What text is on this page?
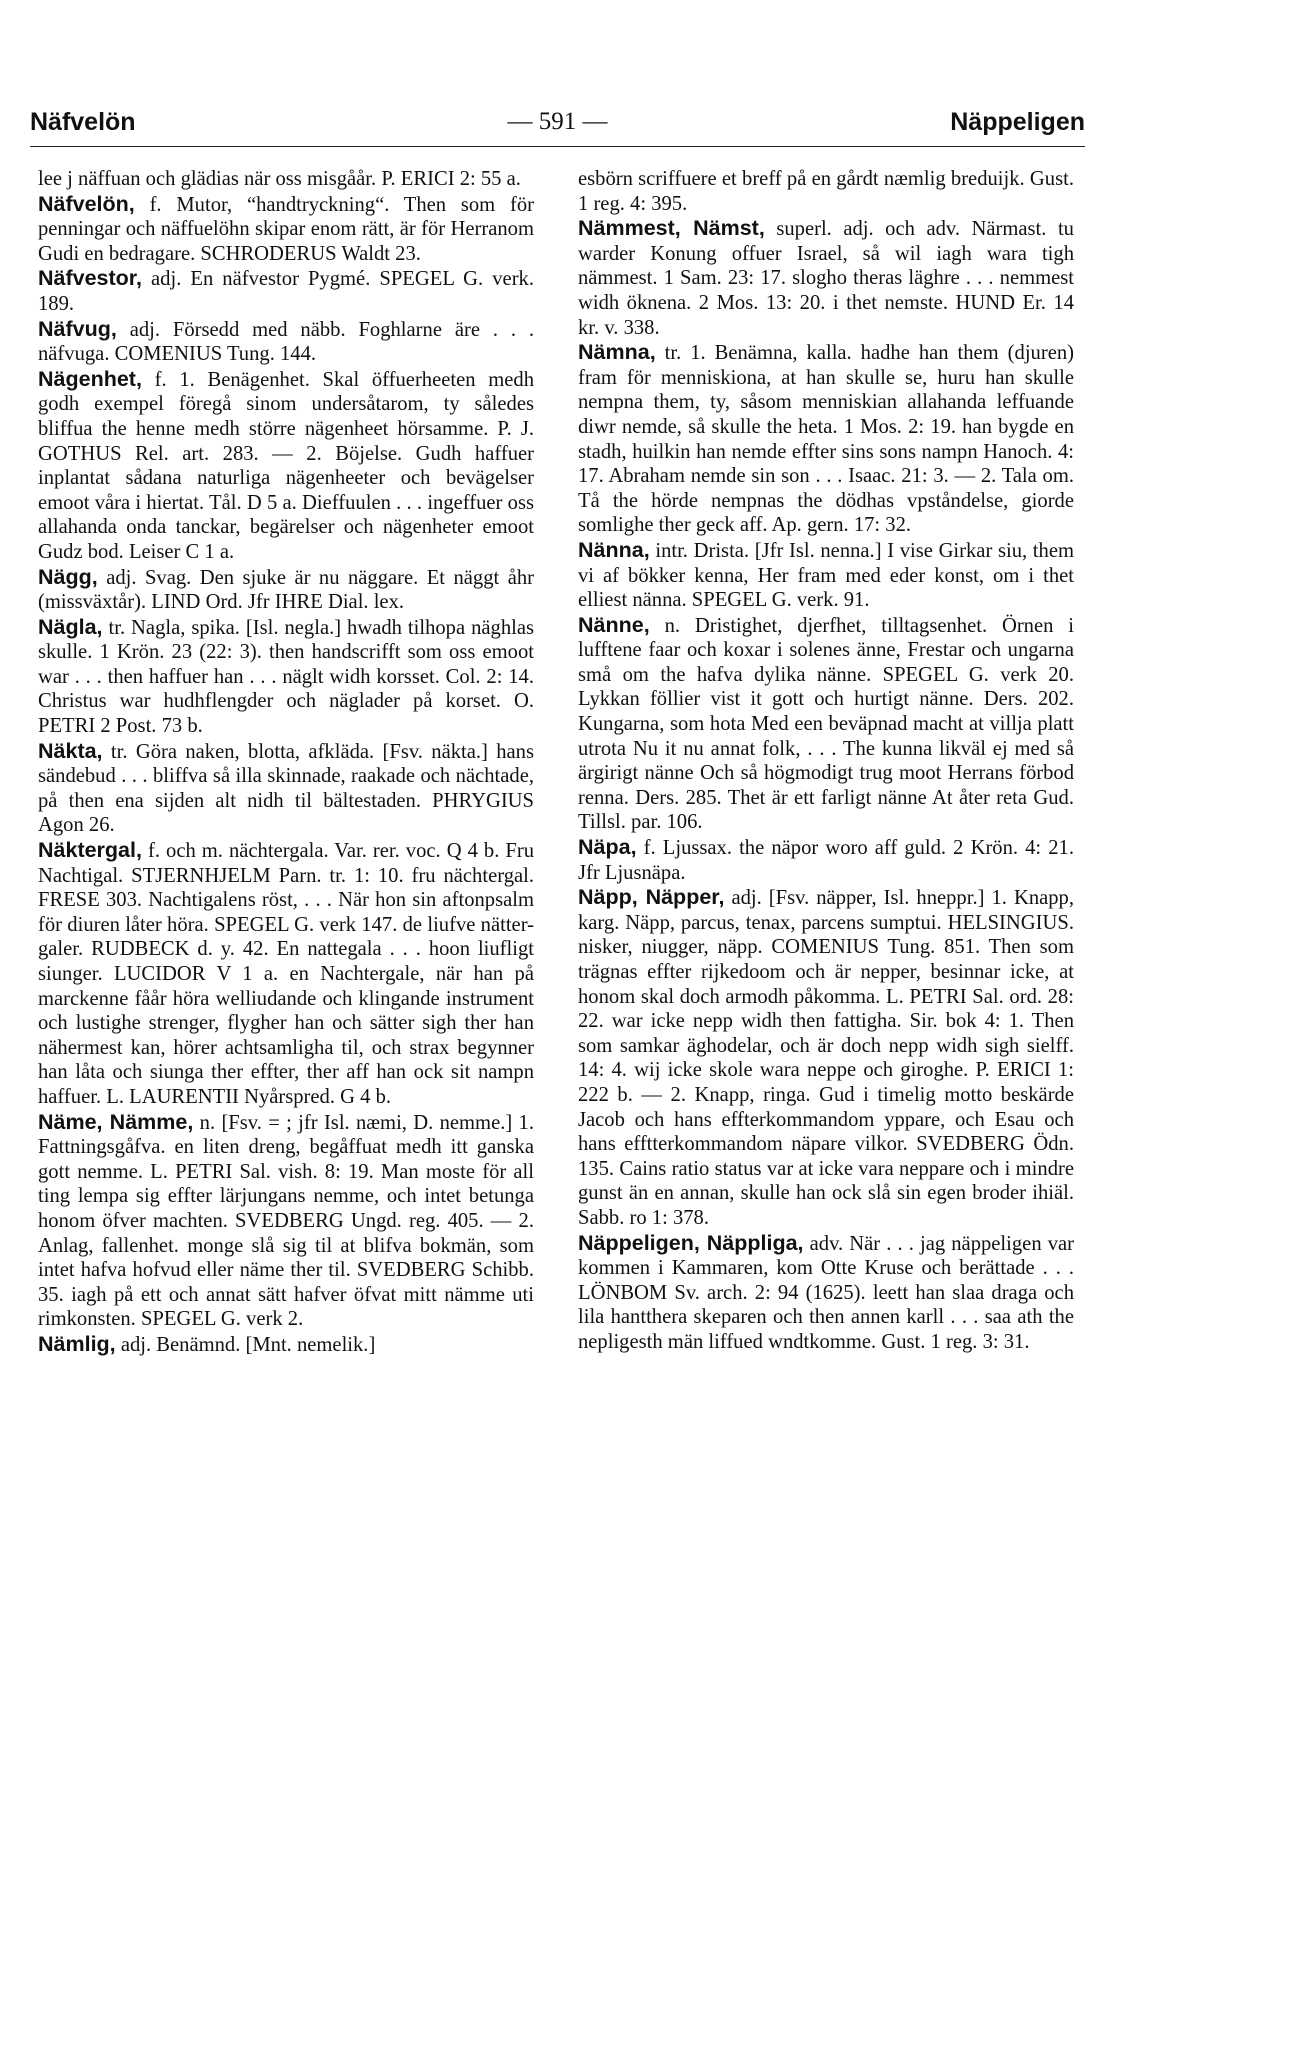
Näfvelön	— 591 —	Näppeligen

lee j näffuan och glädias när oss misgåår. P. ERICI 2: 55 a.

Näfvelön, f. Mutor, “handtryckning“. Then som för penningar och näffuelöhn skipar enom rätt, är för Herranom Gudi en bedragare. SCHRODERUS Waldt 23.

Näfvestor, adj. En näfvestor Pygmé. SPEGEL G. verk. 189.

Näfvug, adj. Försedd med näbb. Foghlarne äre . . . näfvuga. COMENIUS Tung. 144.

Nägenhet, f. 1. Benägenhet. Skal öffuerheeten medh godh exempel föregå sinom undersåtarom, ty således bliffua the henne medh större nägenheet hörsamme. P. J. GOTHUS Rel. art. 283. — 2. Böjelse. Gudh haffuer inplantat sådana naturliga nägenheeter och bevägelser emoot våra i hiertat. Tål. D 5 a. Dieffuulen . . . ingeffuer oss allahanda onda tanckar, begärelser och nägenheter emoot Gudz bod. Leiser C 1 a.

Nägg, adj. Svag. Den sjuke är nu näggare. Et näggt åhr (missväxtår). LIND Ord. Jfr IHRE Dial. lex.

Nägla, tr. Nagla, spika. [Isl. negla.] hwadh tilhopa näghlas skulle. 1 Krön. 23 (22: 3). then handscrifft som oss emoot war . . . then haffuer han . . . näglt widh korsset. Col. 2: 14. Christus war hudhflengder och näglader på korset. O. PETRI 2 Post. 73 b.

Näkta, tr. Göra naken, blotta, afkläda. [Fsv. näkta.] hans sändebud . . . bliffva så illa skinnade, raakade och nächtade, på then ena sijden alt nidh til bältestaden. PHRYGIUS Agon 26.

Näktergal, f. och m. nächtergala. Var. rer. voc. Q 4 b. Fru Nachtigal. STJERNHJELM Parn. tr. 1: 10. fru nächtergal. FRESE 303. Nachtigalens röst, . . . När hon sin aftonpsalm för diuren låter höra. SPEGEL G. verk 147. de liufve nätter-galer. RUDBECK d. y. 42. En nattegala . . . hoon liufligt siunger. LUCIDOR V 1 a. en Nachtergale, när han på marckenne fåår höra welliudande och klingande instrument och lustighe strenger, flygher han och sätter sigh ther han nähermest kan, hörer achtsamligha til, och strax begynner han låta och siunga ther effter, ther aff han ock sit nampn haffuer. L. LAURENTII Nyårspred. G 4 b.

Näme, Nämme, n. [Fsv. = ; jfr Isl. næmi, D. nemme.] 1. Fattningsgåfva. en liten dreng, begåffuat medh itt ganska gott nemme. L. PETRI Sal. vish. 8: 19. Man moste för all ting lempa sig effter lärjungans nemme, och intet betunga honom öfver machten. SVEDBERG Ungd. reg. 405. — 2. Anlag, fallenhet. monge slå sig til at blifva bokmän, som intet hafva hofvud eller näme ther til. SVEDBERG Schibb. 35. iagh på ett och annat sätt hafver öfvat mitt nämme uti rimkonsten. SPEGEL G. verk 2.

Nämlig, adj. Benämnd. [Mnt. nemelik.]

esbörn scriffuere et breff på en gårdt næmlig breduijk. Gust. 1 reg. 4: 395.

Nämmest, Nämst, superl. adj. och adv. Närmast. tu warder Konung offuer Israel, så wil iagh wara tigh nämmest. 1 Sam. 23: 17. slogho theras läghre . . . nemmest widh öknena. 2 Mos. 13: 20. i thet nemste. HUND Er. 14 kr. v. 338.

Nämna, tr. 1. Benämna, kalla. hadhe han them (djuren) fram för menniskiona, at han skulle se, huru han skulle nempna them, ty, såsom menniskian allahanda leffuande diwr nemde, så skulle the heta. 1 Mos. 2: 19. han bygde en stadh, huilkin han nemde effter sins sons nampn Hanoch. 4: 17. Abraham nemde sin son . . . Isaac. 21: 3. — 2. Tala om. Tå the hörde nempnas the dödhas vpståndelse, giorde somlighe ther geck aff. Ap. gern. 17: 32.

Nänna, intr. Drista. [Jfr Isl. nenna.] I vise Girkar siu, them vi af bökker kenna, Her fram med eder konst, om i thet elliest nänna. SPEGEL G. verk. 91.

Nänne, n. Dristighet, djerfhet, tilltagsenhet. Örnen i lufftene faar och koxar i solenes änne, Frestar och ungarna små om the hafva dylika nänne. SPEGEL G. verk 20. Lykkan föllier vist it gott och hurtigt nänne. Ders. 202. Kungarna, som hota Med een beväpnad macht at villja platt utrota Nu it nu annat folk, . . . The kunna likväl ej med så ärgirigt nänne Och så högmodigt trug moot Herrans förbod renna. Ders. 285. Thet är ett farligt nänne At åter reta Gud. Tillsl. par. 106.

Näpa, f. Ljussax. the näpor woro aff guld. 2 Krön. 4: 21. Jfr Ljusnäpa.

Näpp, Näpper, adj. [Fsv. näpper, Isl. hneppr.] 1. Knapp, karg. Näpp, parcus, tenax, parcens sumptui. HELSINGIUS. nisker, niugger, näpp. COMENIUS Tung. 851. Then som trägnas effter rijkedoom och är nepper, besinnar icke, at honom skal doch armodh påkomma. L. PETRI Sal. ord. 28: 22. war icke nepp widh then fattigha. Sir. bok 4: 1. Then som samkar äghodelar, och är doch nepp widh sigh sielff. 14: 4. wij icke skole wara neppe och giroghe. P. ERICI 1: 222 b. — 2. Knapp, ringa. Gud i timelig motto beskärde Jacob och hans effterkommandom yppare, och Esau och hans efftterkommandom näpare vilkor. SVEDBERG Ödn. 135. Cains ratio status var at icke vara neppare och i mindre gunst än en annan, skulle han ock slå sin egen broder ihiäl. Sabb. ro 1: 378.

Näppeligen, Näppliga, adv. När . . . jag näppeligen var kommen i Kammaren, kom Otte Kruse och berättade . . . LÖNBOM Sv. arch. 2: 94 (1625). leett han slaa draga och lila hantthera skeparen och then annen karll . . . saa ath the nepligesth män liffued wndtkomme. Gust. 1 reg. 3: 31.
